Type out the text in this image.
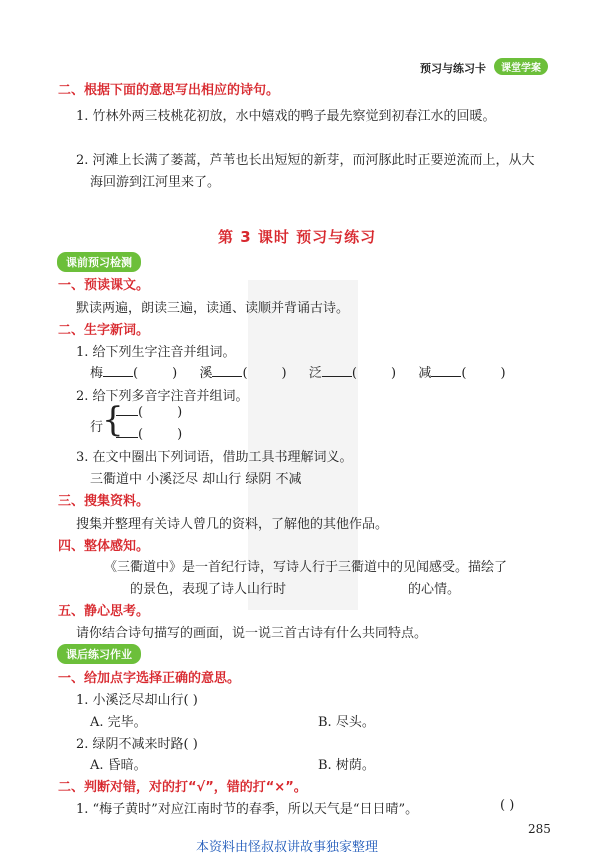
预习与练习卡	课堂学案
二、根据下面的意思写出相应的诗句。
1. 竹林外两三枝桃花初放，水中嬉戏的鸭子最先察觉到初春江水的回暖。
2. 河滩上长满了蒌蒿，芦苇也长出短短的新芽，而河豚此时正要逆流而上，从大
海回游到江河里来了。
第 3 课时 预习与练习
课前预习检测
一、预读课文。
默读两遍，朗读三遍，读通、读顺并背诵古诗。
二、生字新词。
1. 给下列生字注音并组词。
梅 (	) 溪 (	) 泛 (	) 减 (	)
2. 给下列多音字注音并组词。
行
{	(	)
(	)
3. 在文中圈出下列词语，借助工具书理解词义。
三衢道中 小溪泛尽 却山行 绿阴 不减
三、搜集资料。
搜集并整理有关诗人曾几的资料，了解他的其他作品。
四、整体感知。
《三衢道中》是一首纪行诗，写诗人行于三衢道中的见闻感受。描绘了
的景色，表现了诗人山行时	的心情。
五、静心思考。
请你结合诗句描写的画面，说一说三首古诗有什么共同特点。
课后练习作业
一、给加点字选择正确的意思。
1. 小溪泛尽却山行( )
A. 完毕。	B. 尽头。
2. 绿阴不减来时路( )
A. 昏暗。	B. 树荫。
二、判断对错，对的打“√”，错的打“×”。
1. “梅子黄时”对应江南时节的春季，所以天气是“日日晴”。	( )
285
本资料由怪叔叔讲故事独家整理
